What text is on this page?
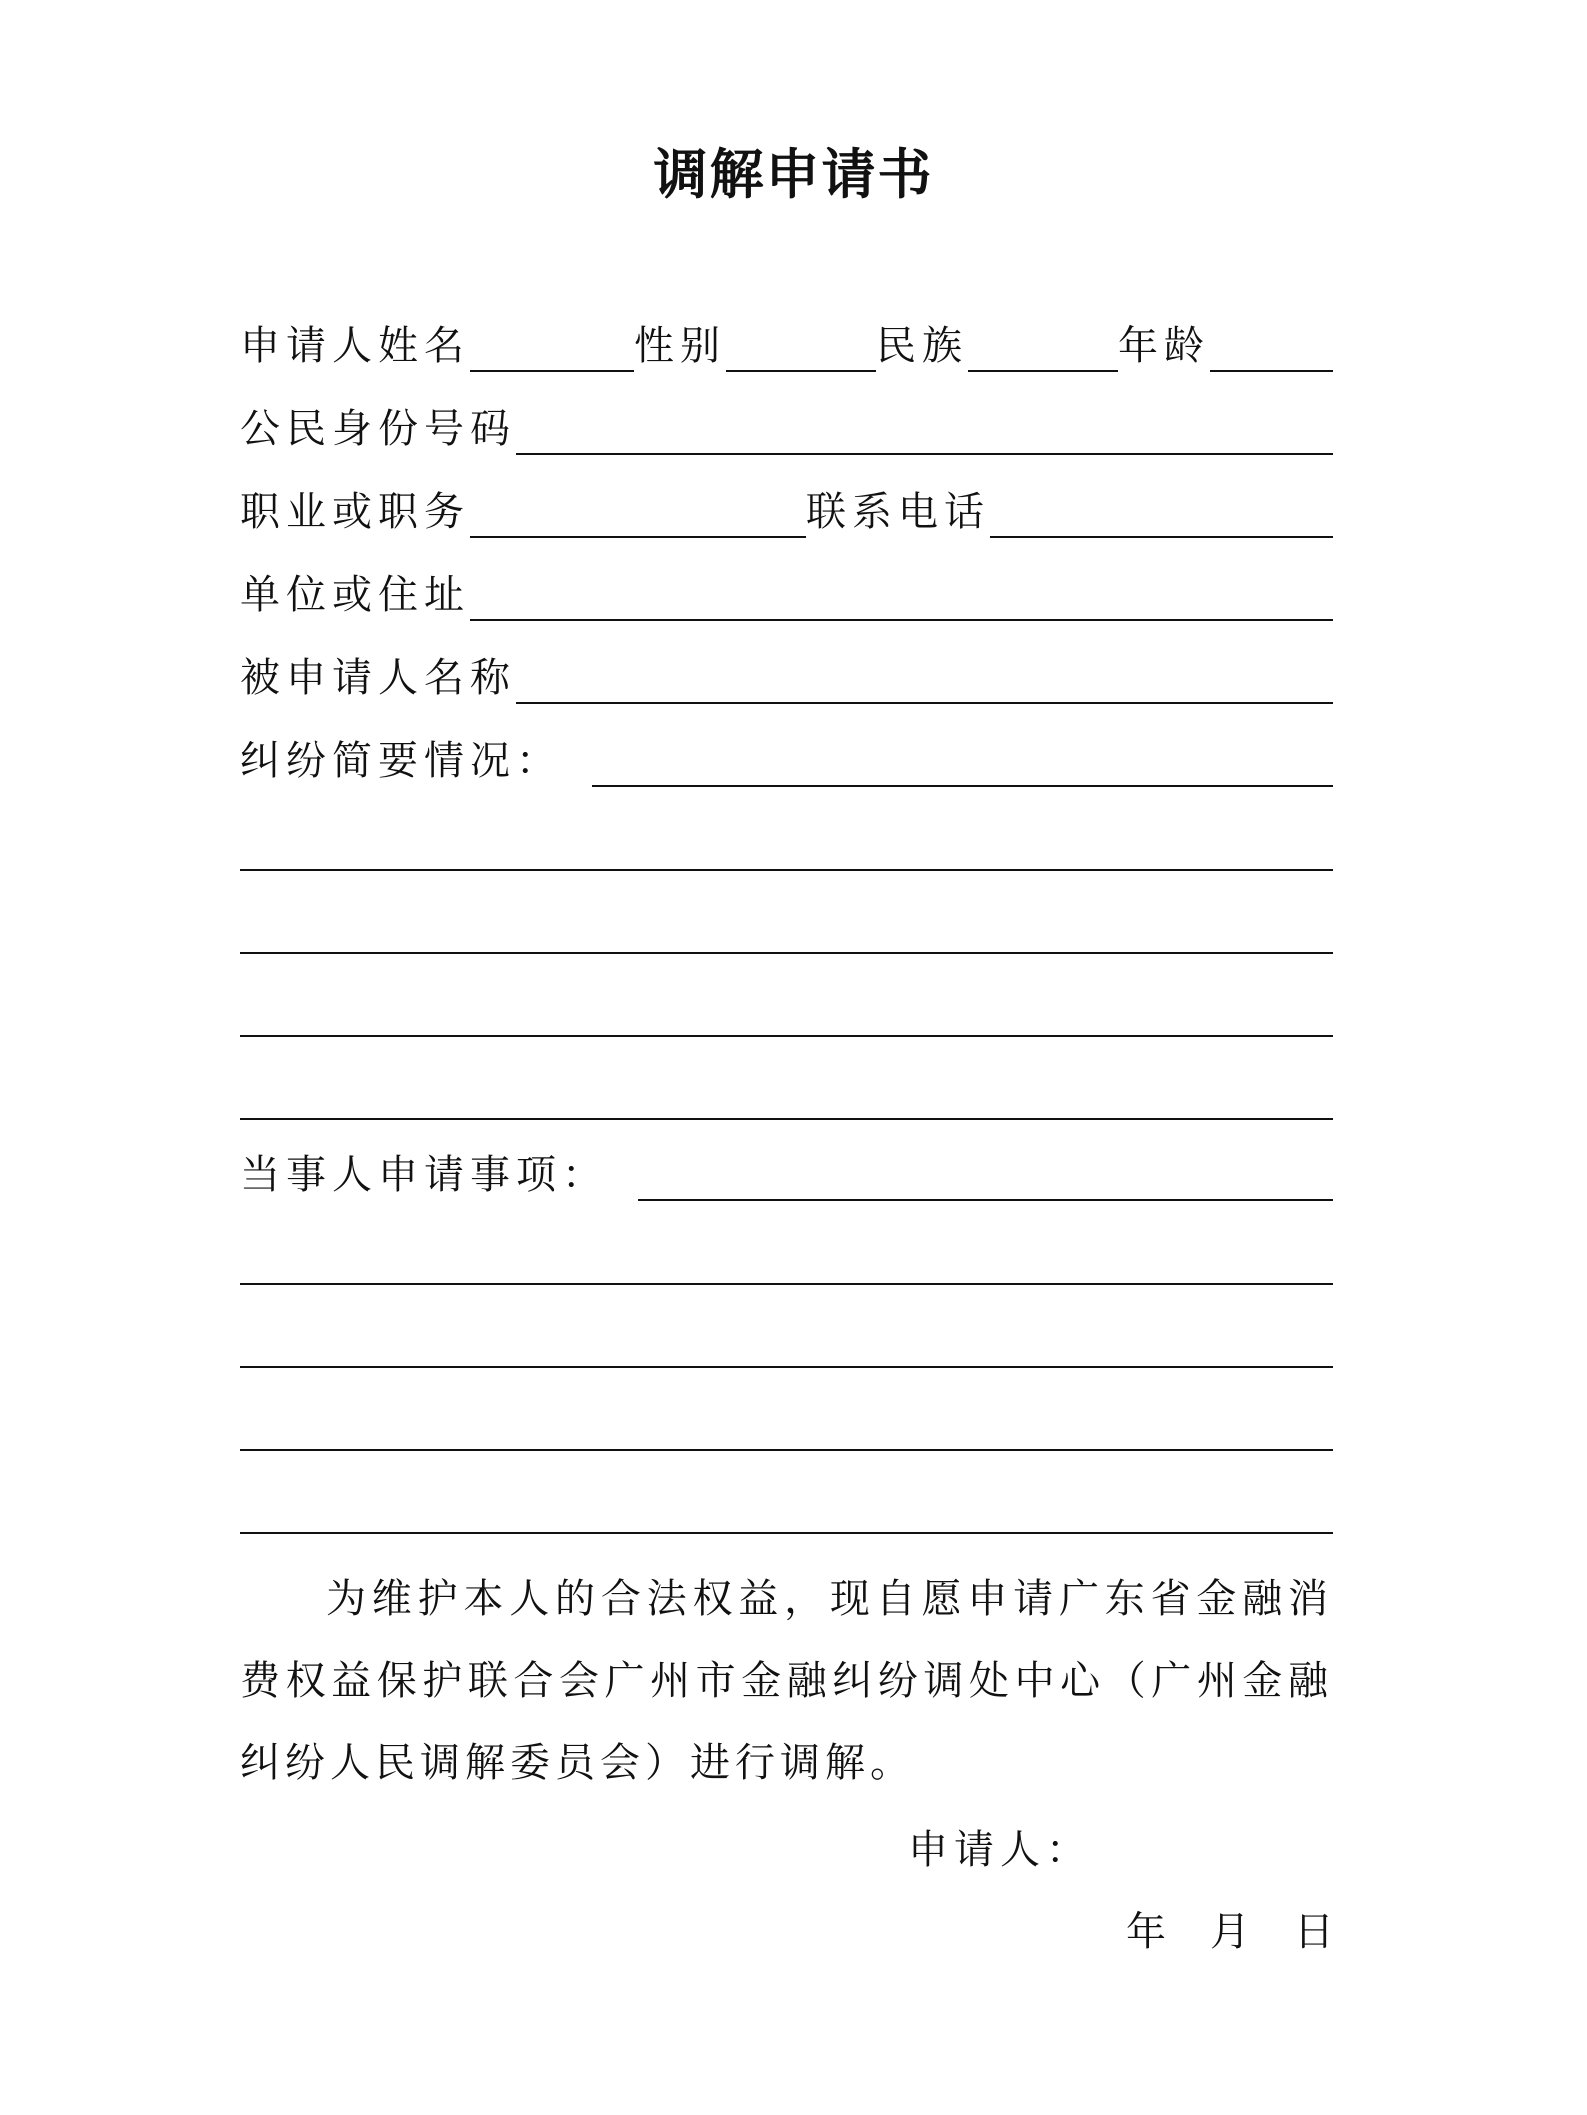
调解申请书
申请人姓名	性别	民族	年龄
公民身份号码
职业或职务	联系电话
单位或住址
被申请人名称
纠纷简要情况：
当事人申请事项：
为维护本人的合法权益，现自愿申请广东省金融消费权益保护联合会广州市金融纠纷调处中心（广州金融纠纷人民调解委员会）进行调解。
申请人：
年 月 日
